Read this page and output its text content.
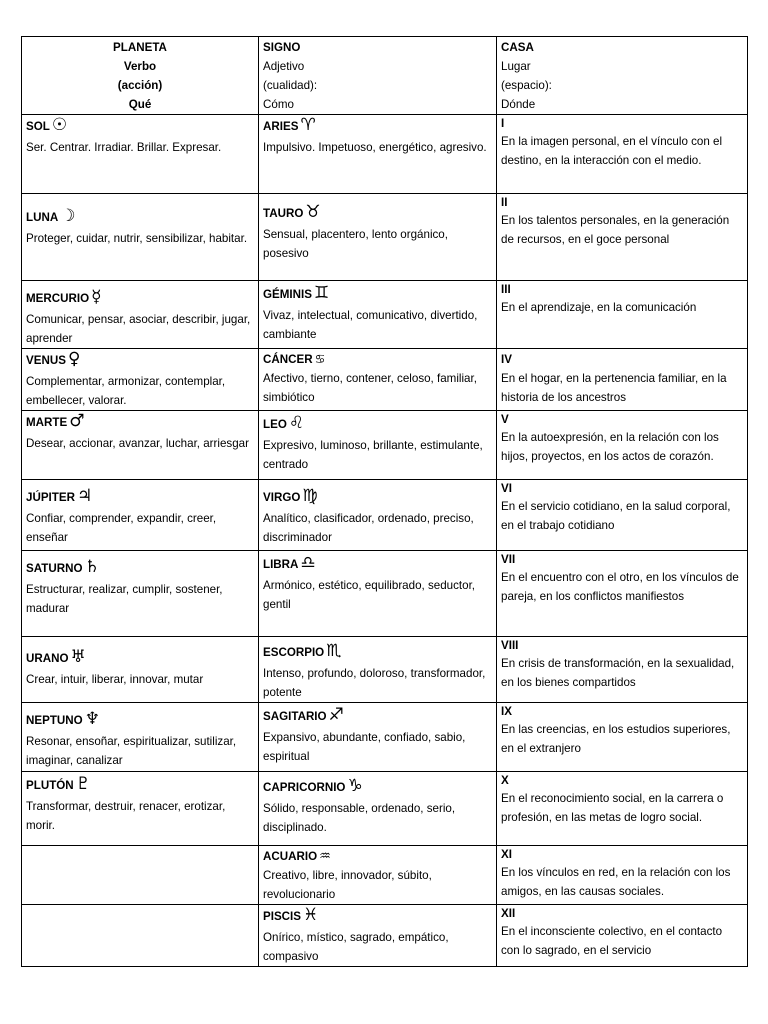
PLANETA
Verbo
(acción)
Qué	SIGNO
Adjetivo
(cualidad):
Cómo	CASA
Lugar
(espacio):
Dónde

SOL ☉
Ser. Centrar. Irradiar. Brillar. Expresar.	ARIES ♈
Impulsivo. Impetuoso, energético, agresivo.	I
En la imagen personal, en el vínculo con el destino, en la interacción con el medio.

LUNA ☽
Proteger, cuidar, nutrir, sensibilizar, habitar.	TAURO ♉
Sensual, placentero, lento orgánico, posesivo	II
En los talentos personales, en la generación de recursos, en el goce personal

MERCURIO ☿
Comunicar, pensar, asociar, describir, jugar, aprender	GÉMINIS ♊
Vivaz, intelectual, comunicativo, divertido, cambiante	III
En el aprendizaje, en la comunicación

VENUS ♀
Complementar, armonizar, contemplar, embellecer, valorar.	CÁNCER ♋
Afectivo, tierno, contener, celoso, familiar, simbiótico	IV
En el hogar, en la pertenencia familiar, en la historia de los ancestros

MARTE ♂
Desear, accionar, avanzar, luchar, arriesgar	LEO ♌
Expresivo, luminoso, brillante, estimulante, centrado	V
En la autoexpresión, en la relación con los hijos, proyectos, en los actos de corazón.

JÚPITER ♃
Confiar, comprender, expandir, creer, enseñar	VIRGO ♍
Analítico, clasificador, ordenado, preciso, discriminador	VI
En el servicio cotidiano, en la salud corporal, en el trabajo cotidiano

SATURNO ♄
Estructurar, realizar, cumplir, sostener, madurar	LIBRA ♎
Armónico, estético, equilibrado, seductor, gentil	VII
En el encuentro con el otro, en los vínculos de pareja, en los conflictos manifiestos

URANO ♅
Crear, intuir, liberar, innovar, mutar	ESCORPIO ♏
Intenso, profundo, doloroso, transformador, potente	VIII
En crisis de transformación, en la sexualidad, en los bienes compartidos

NEPTUNO ♆
Resonar, ensoñar, espiritualizar, sutilizar, imaginar, canalizar	SAGITARIO ♐
Expansivo, abundante, confiado, sabio, espiritual	IX
En las creencias, en los estudios superiores, en el extranjero

PLUTÓN ♇
Transformar, destruir, renacer, erotizar, morir.	CAPRICORNIO ♑
Sólido, responsable, ordenado, serio, disciplinado.	X
En el reconocimiento social, en la carrera o profesión, en las metas de logro social.

	ACUARIO ♒
Creativo, libre, innovador, súbito, revolucionario	XI
En los vínculos en red, en la relación con los amigos, en las causas sociales.

	PISCIS ♓
Onírico, místico, sagrado, empático, compasivo	XII
En el inconsciente colectivo, en el contacto con lo sagrado, en el servicio
